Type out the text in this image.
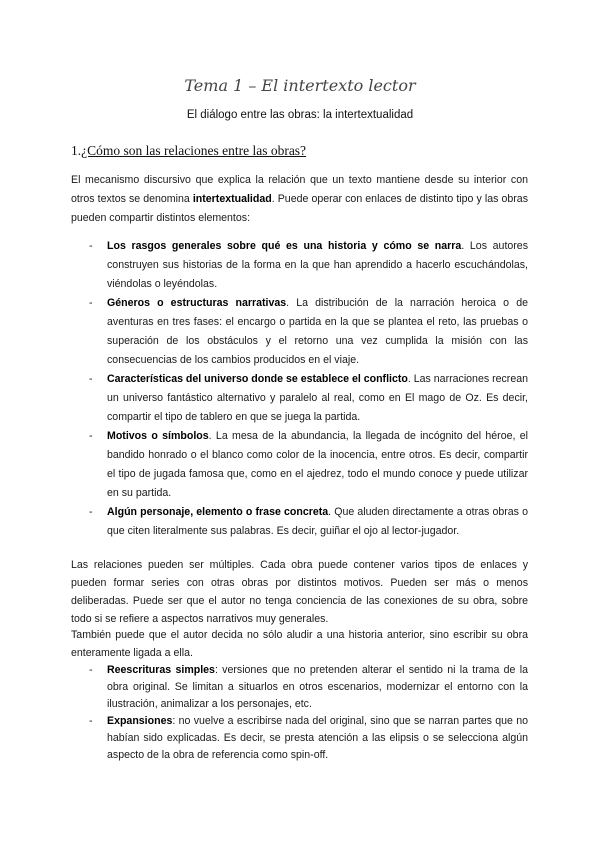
Tema 1 – El intertexto lector
El diálogo entre las obras: la intertextualidad
1.¿Cómo son las relaciones entre las obras?
El mecanismo discursivo que explica la relación que un texto mantiene desde su interior con otros textos se denomina intertextualidad. Puede operar con enlaces de distinto tipo y las obras pueden compartir distintos elementos:
- Los rasgos generales sobre qué es una historia y cómo se narra. Los autores construyen sus historias de la forma en la que han aprendido a hacerlo escuchándolas, viéndolas o leyéndolas.
- Géneros o estructuras narrativas. La distribución de la narración heroica o de aventuras en tres fases: el encargo o partida en la que se plantea el reto, las pruebas o superación de los obstáculos y el retorno una vez cumplida la misión con las consecuencias de los cambios producidos en el viaje.
- Características del universo donde se establece el conflicto. Las narraciones recrean un universo fantástico alternativo y paralelo al real, como en El mago de Oz. Es decir, compartir el tipo de tablero en que se juega la partida.
- Motivos o símbolos. La mesa de la abundancia, la llegada de incógnito del héroe, el bandido honrado o el blanco como color de la inocencia, entre otros. Es decir, compartir el tipo de jugada famosa que, como en el ajedrez, todo el mundo conoce y puede utilizar en su partida.
- Algún personaje, elemento o frase concreta. Que aluden directamente a otras obras o que citen literalmente sus palabras. Es decir, guiñar el ojo al lector-jugador.
Las relaciones pueden ser múltiples. Cada obra puede contener varios tipos de enlaces y pueden formar series con otras obras por distintos motivos. Pueden ser más o menos deliberadas. Puede ser que el autor no tenga conciencia de las conexiones de su obra, sobre todo si se refiere a aspectos narrativos muy generales.
También puede que el autor decida no sólo aludir a una historia anterior, sino escribir su obra enteramente ligada a ella.
- Reescrituras simples: versiones que no pretenden alterar el sentido ni la trama de la obra original. Se limitan a situarlos en otros escenarios, modernizar el entorno con la ilustración, animalizar a los personajes, etc.
- Expansiones: no vuelve a escribirse nada del original, sino que se narran partes que no habían sido explicadas. Es decir, se presta atención a las elipsis o se selecciona algún aspecto de la obra de referencia como spin-off.
